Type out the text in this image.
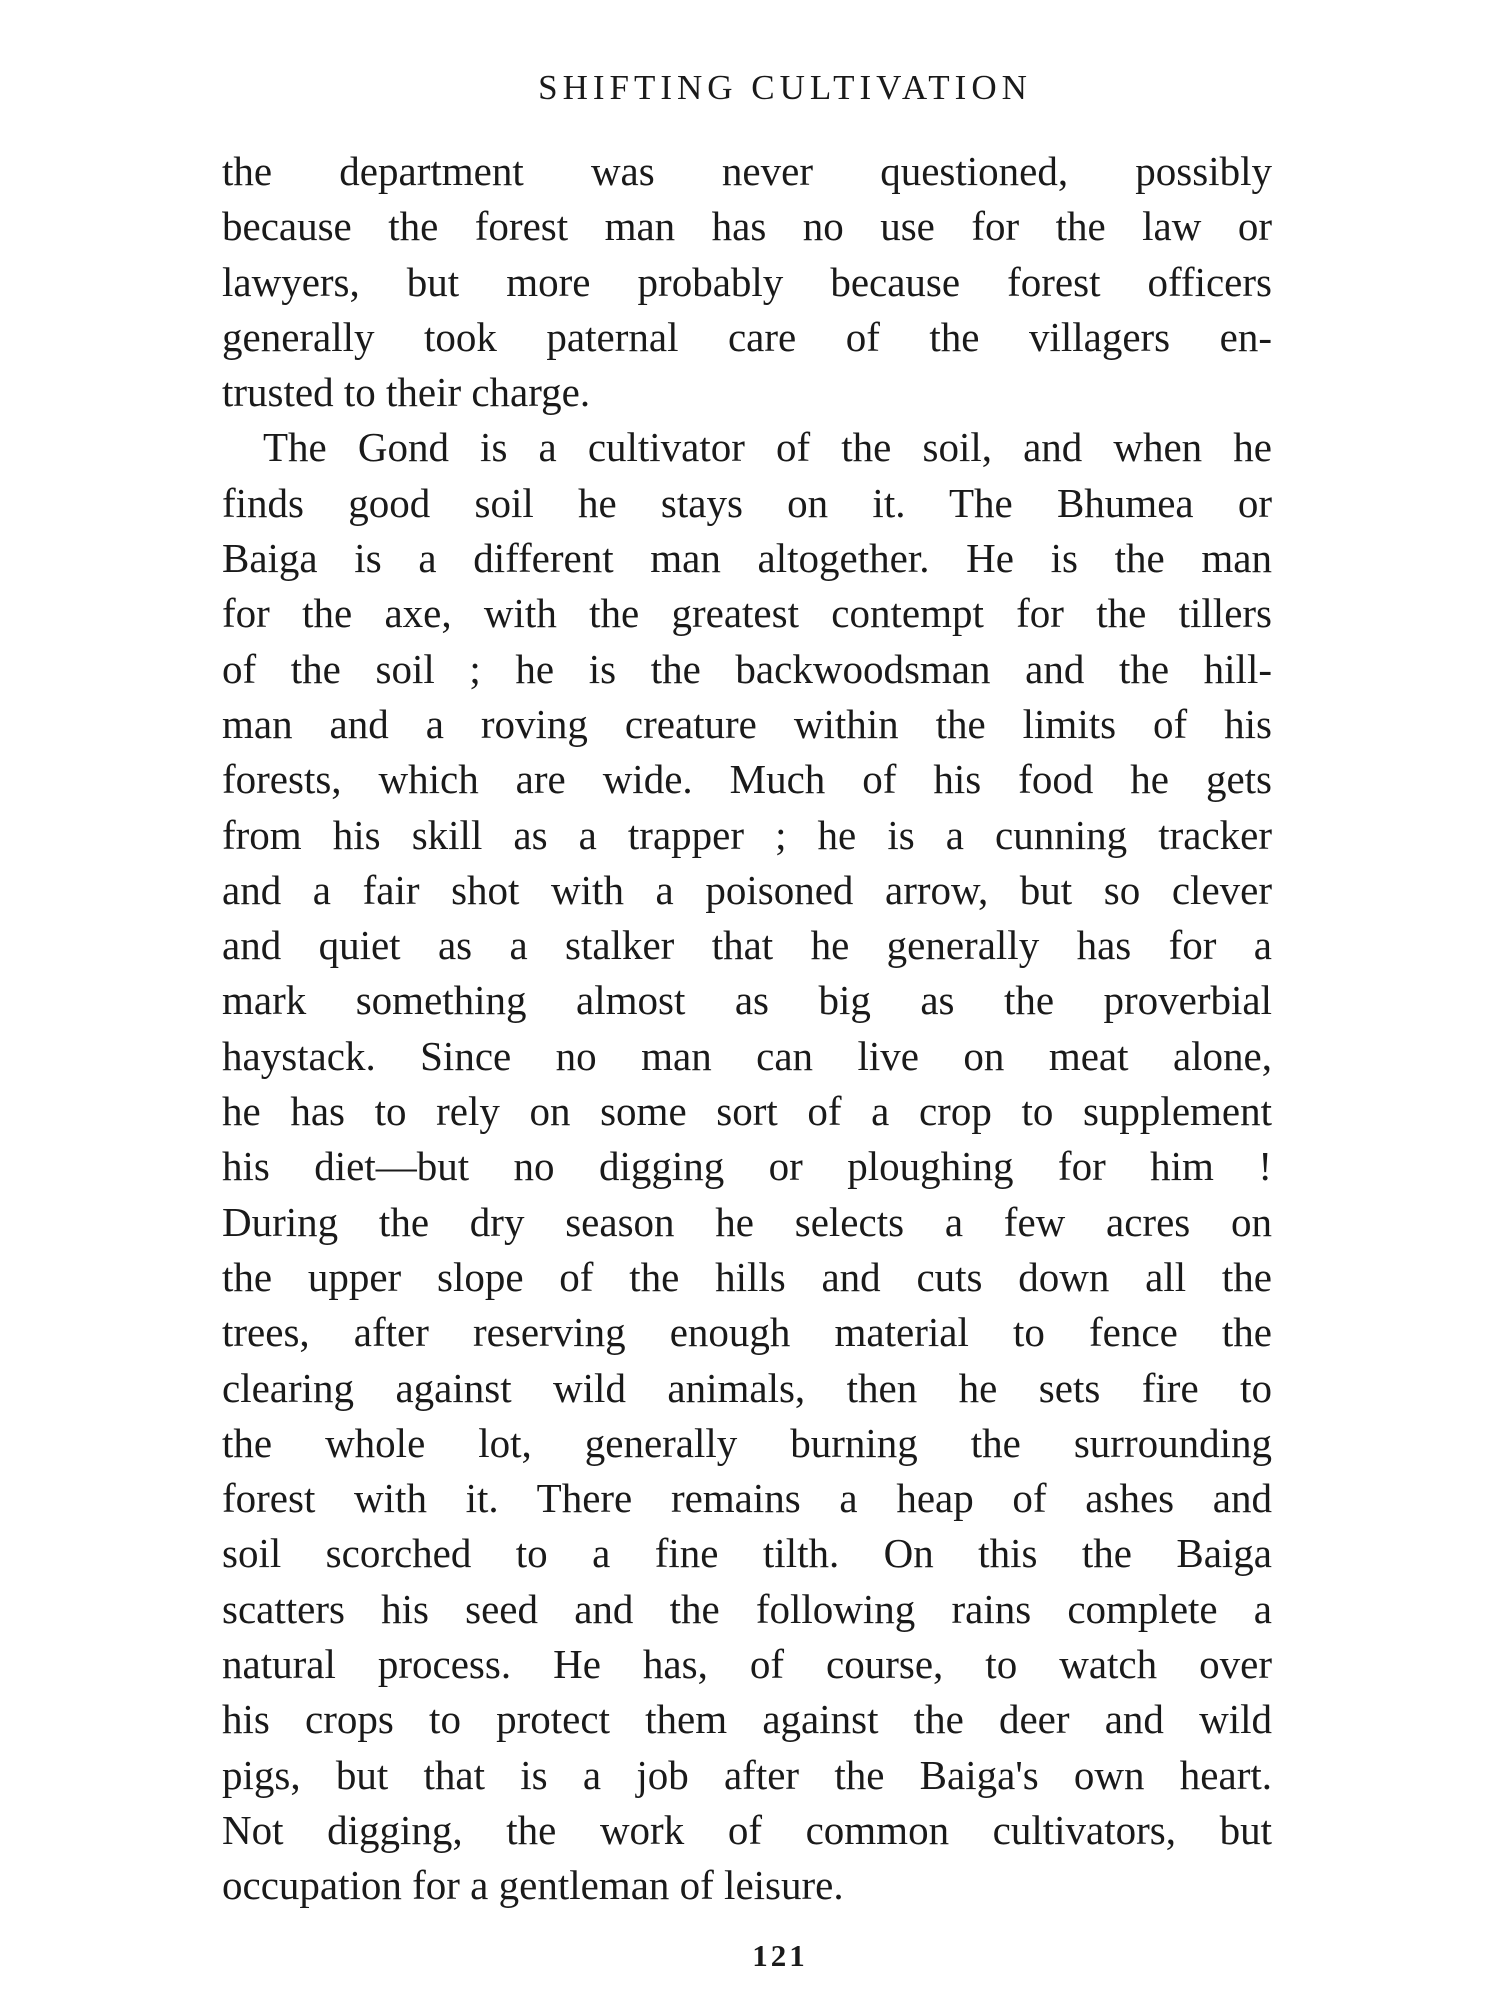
SHIFTING CULTIVATION
the department was never questioned, possibly
because the forest man has no use for the law or
lawyers, but more probably because forest officers
generally took paternal care of the villagers en-
trusted to their charge.
The Gond is a cultivator of the soil, and when he
finds good soil he stays on it. The Bhumea or
Baiga is a different man altogether. He is the man
for the axe, with the greatest contempt for the tillers
of the soil ; he is the backwoodsman and the hill-
man and a roving creature within the limits of his
forests, which are wide. Much of his food he gets
from his skill as a trapper ; he is a cunning tracker
and a fair shot with a poisoned arrow, but so clever
and quiet as a stalker that he generally has for a
mark something almost as big as the proverbial
haystack. Since no man can live on meat alone,
he has to rely on some sort of a crop to supplement
his diet—but no digging or ploughing for him !
During the dry season he selects a few acres on
the upper slope of the hills and cuts down all the
trees, after reserving enough material to fence the
clearing against wild animals, then he sets fire to
the whole lot, generally burning the surrounding
forest with it. There remains a heap of ashes and
soil scorched to a fine tilth. On this the Baiga
scatters his seed and the following rains complete a
natural process. He has, of course, to watch over
his crops to protect them against the deer and wild
pigs, but that is a job after the Baiga's own heart.
Not digging, the work of common cultivators, but
occupation for a gentleman of leisure.
121
